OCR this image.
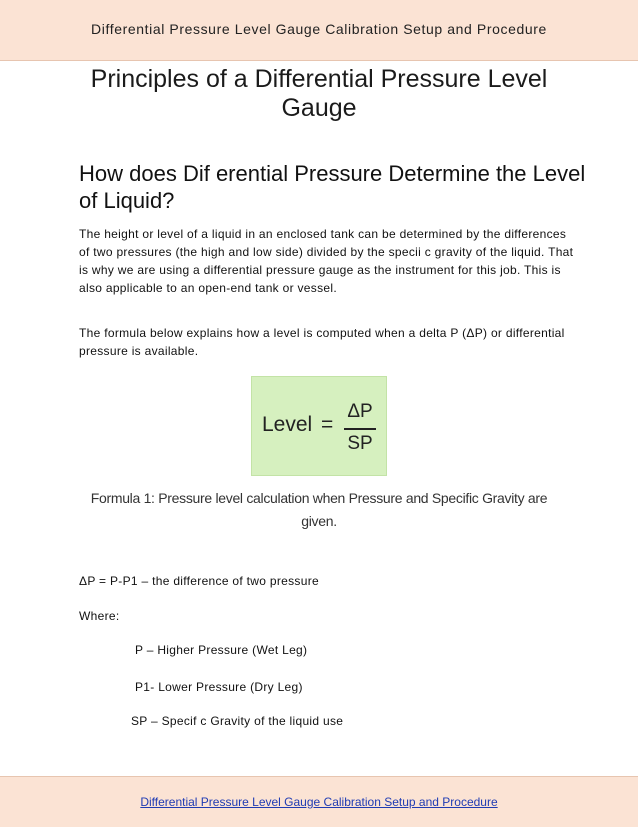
Differential Pressure Level Gauge Calibration Setup and Procedure
Principles of a Differential Pressure Level Gauge
How does Dif erential Pressure Determine the Level of Liquid?
The height or level of a liquid in an enclosed tank can be determined by the differences of two pressures (the high and low side) divided by the specii c gravity of the liquid. That is why we are using a differential pressure gauge as the instrument for this job. This is also applicable to an open-end tank or vessel.
The formula below explains how a level is computed when a delta P (ΔP) or differential pressure is available.
Level =
ΔP
SP
Formula 1: Pressure level calculation when Pressure and Specific Gravity are given.
ΔP = P-P1 – the difference of two pressure
Where:
P – Higher Pressure (Wet Leg)
P1- Lower Pressure (Dry Leg)
SP – Specif c Gravity of the liquid use
Differential Pressure Level Gauge Calibration Setup and Procedure
